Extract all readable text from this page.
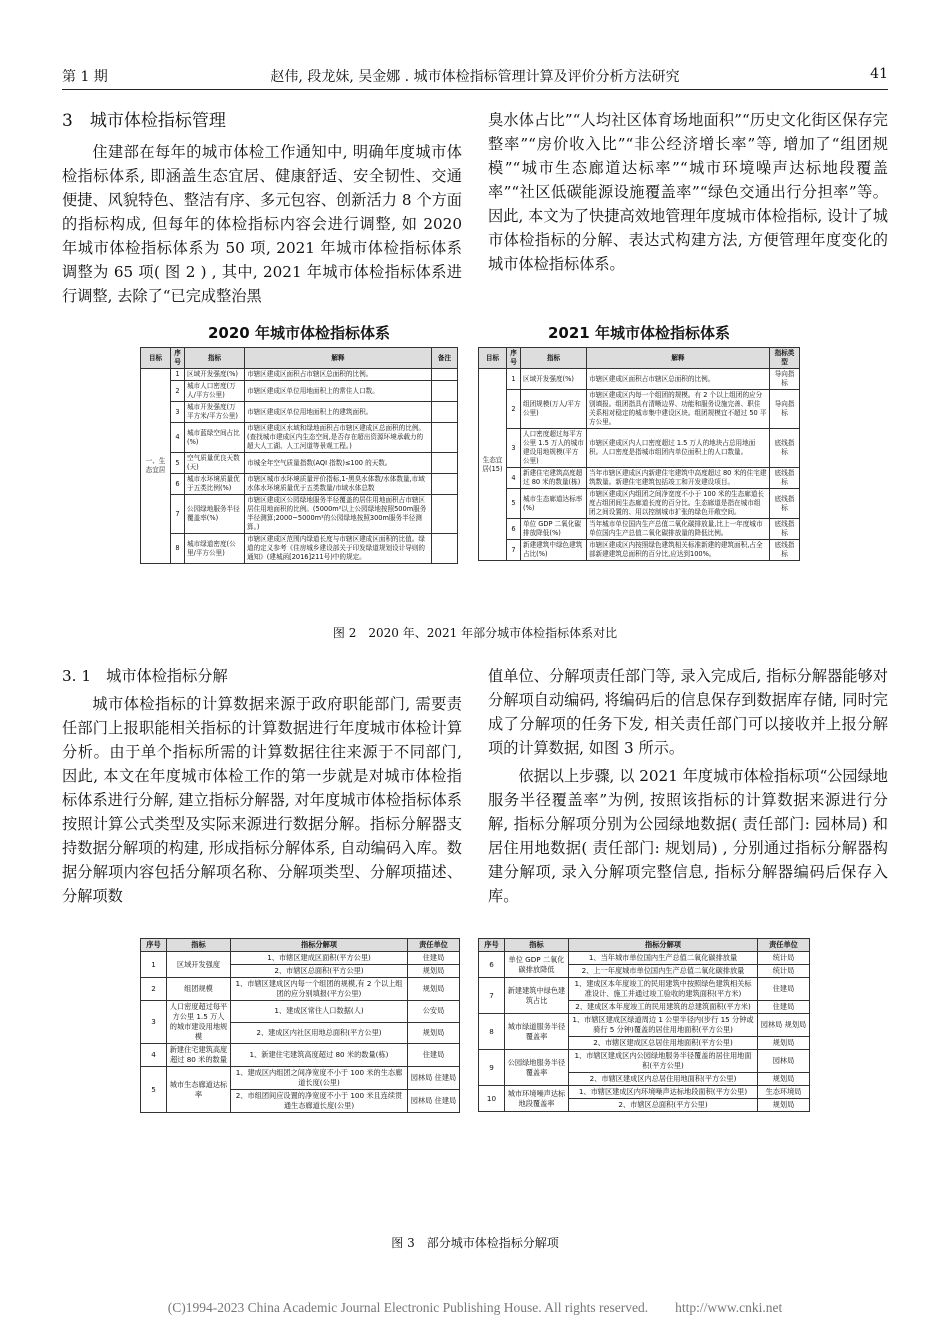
第 1 期	赵伟, 段龙妹, 吴金娜 . 城市体检指标管理计算及评价分析方法研究	41
3　城市体检指标管理

住建部在每年的城市体检工作通知中, 明确年度城市体检指标体系, 即涵盖生态宜居、健康舒适、安全韧性、交通便捷、风貌特色、整洁有序、多元包容、创新活力 8 个方面的指标构成, 但每年的体检指标内容会进行调整, 如 2020 年城市体检指标体系为 50 项, 2021 年城市体检指标体系调整为 65 项( 图 2 ) , 其中, 2021 年城市体检指标体系进行调整, 去除了“已完成整治黑

臭水体占比”“人均社区体育场地面积”“历史文化街区保存完整率”“房价收入比”“非公经济增长率”等, 增加了“组团规模”“城市生态廊道达标率”“城市环境噪声达标地段覆盖率”“社区低碳能源设施覆盖率”“绿色交通出行分担率”等。因此, 本文为了快捷高效地管理年度城市体检指标, 设计了城市体检指标的分解、表达式构建方法, 方便管理年度变化的城市体检指标体系。

2020 年城市体检指标体系
目标	序号	指标	解释	备注
一、生态宜居	1	区域开发强度(%)	市辖区建成区面积占市辖区总面积的比例。	
	2	城市人口密度(万人/平方公里)	市辖区建成区单位用地面积上的常住人口数。	
	3	城市开发强度(万平方米/平方公里)	市辖区建成区单位用地面积上的建筑面积。	
	4	城市蓝绿空间占比(%)	市辖区建成区水域和绿地面积占市辖区建成区总面积的比例。(查找城市建成区内生态空间,是否存在超出资源环境承载力的超大人工湖、人工河道等景观工程。)	
	5	空气质量优良天数(天)	市城全年空气质量指数(AQI 指数)≤100 的天数。	
	6	城市水环境质量优于五类比例(%)	市辖区城市水环境质量评价指标,1-黑臭水体数/水体数量,市域水体水环境质量优于五类数量/市域水体总数	
	7	公园绿地服务半径覆盖率(%)	市辖区建成区公园绿地服务半径覆盖的居住用地面积占市辖区居住用地面积的比例。(5000m²以上公园绿地按照500m服务半径测算;2000~5000m²的公园绿地按照300m服务半径测算。)	
	8	城市绿道密度(公里/平方公里)	市辖区建成区范围内绿道长度与市辖区建成区面积的比值。绿道的定义参考《住房城乡建设部关于印发绿道规划设计导则的通知》(建城函[2016]211号)中的规定。	
2021 年城市体检指标体系
目标	序号	指标	解释	指标类型
生态宜居(15)	1	区域开发强度(%)	市辖区建成区面积占市辖区总面积的比例。	导向指标
	2	组团规模(万人/平方公里)	市辖区建成区内每一个组团的规模。有 2 个以上组团的应分别填报。组团指具有清晰边界、功能和服务设施完善、职住关系相对稳定的城市集中建设区块。组团规模宜不超过 50 平方公里。	导向指标
	3	人口密度超过每平方公里 1.5 万人的城市建设用地规模(平方公里)	市辖区建成区内人口密度超过 1.5 万人的地块占总用地面积。人口密度是指城市组团内单位面积上的人口数量。	底线指标
	4	新建住宅建筑高度超过 80 米的数量(栋)	当年市辖区建成区内新建住宅建筑中高度超过 80 米的住宅建筑数量。新建住宅建筑包括竣工和开发建设项目。	底线指标
	5	城市生态廊道达标率(%)	市辖区建成区内组团之间净宽度不小于 100 米的生态廊道长度占组团间生态廊道长度的百分比。生态廊道是指在城市组团之间设置的、用以控制城市扩张的绿色开敞空间。	底线指标
	6	单位 GDP 二氧化碳排放降低(%)	当年城市单位国内生产总值二氧化碳排放量,比上一年度城市单位国内生产总值二氧化碳排放量的降低比例。	底线指标
	7	新建建筑中绿色建筑占比(%)	市辖区建成区内按照绿色建筑相关标准新建的建筑面积,占全部新建建筑总面积的百分比,应达到100%。	底线指标
图 2　2020 年、2021 年部分城市体检指标体系对比
3. 1　城市体检指标分解

城市体检指标的计算数据来源于政府职能部门, 需要责任部门上报职能相关指标的计算数据进行年度城市体检计算分析。由于单个指标所需的计算数据往往来源于不同部门, 因此, 本文在年度城市体检工作的第一步就是对城市体检指标体系进行分解, 建立指标分解器, 对年度城市体检指标体系按照计算公式类型及实际来源进行数据分解。指标分解器支持数据分解项的构建, 形成指标分解体系, 自动编码入库。数据分解项内容包括分解项名称、分解项类型、分解项描述、分解项数

值单位、分解项责任部门等, 录入完成后, 指标分解器能够对分解项自动编码, 将编码后的信息保存到数据库存储, 同时完成了分解项的任务下发, 相关责任部门可以接收并上报分解项的计算数据, 如图 3 所示。

依据以上步骤, 以 2021 年度城市体检指标项“公园绿地服务半径覆盖率”为例, 按照该指标的计算数据来源进行分解, 指标分解项分别为公园绿地数据( 责任部门: 园林局) 和居住用地数据( 责任部门: 规划局) , 分别通过指标分解器构建分解项, 录入分解项完整信息, 指标分解器编码后保存入库。

序号	指标	指标分解项	责任单位
1	区域开发强度	1、市辖区建成区面积(平方公里)	住建局
		2、市辖区总面积(平方公里)	规划局
2	组团规模	1、市辖区建成区内每一个组团的规模,有 2 个以上组团的应分别填报(平方公里)	规划局
3	人口密度超过每平方公里 1.5 万人的城市建设用地规模	1、建成区常住人口数据(人)	公安局
		2、建成区内社区用地总面积(平方公里)	规划局
4	新建住宅建筑高度超过 80 米的数量	1、新建住宅建筑高度超过 80 米的数量(栋)	住建局
5	城市生态廊道达标率	1、建成区内组团之间净宽度不小于 100 米的生态廊道长度(公里)	园林局 住建局
		2、市组团间应设置的净宽度不小于 100 米且连续贯通生态廊道长度(公里)	园林局 住建局
序号	指标	指标分解项	责任单位
6	单位 GDP 二氧化碳排放降低	1、当年城市单位国内生产总值二氧化碳排放量	统计局
		2、上一年度城市单位国内生产总值二氧化碳排放量	统计局
7	新建建筑中绿色建筑占比	1、建成区本年度竣工的民用建筑中按照绿色建筑相关标准设计、施工并通过竣工验收的建筑面积(平方米)	住建局
		2、建成区本年度竣工的民用建筑的总建筑面积(平方米)	住建局
8	城市绿道服务半径覆盖率	1、市辖区建成区绿道周边 1 公里半径内(步行 15 分钟或骑行 5 分钟)覆盖的居住用地面积(平方公里)	园林局 规划局
		2、市辖区建成区总居住用地面积(平方公里)	规划局
9	公园绿地服务半径覆盖率	1、市辖区建成区内公园绿地服务半径覆盖的居住用地面积(平方公里)	园林局
		2、市辖区建成区内总居住用地面积(平方公里)	规划局
10	城市环境噪声达标地段覆盖率	1、市辖区建成区内环境噪声达标地段面积(平方公里)	生态环境局
		2、市辖区总面积(平方公里)	规划局
图 3　部分城市体检指标分解项
(C)1994-2023 China Academic Journal Electronic Publishing House. All rights reserved.　　http://www.cnki.net
